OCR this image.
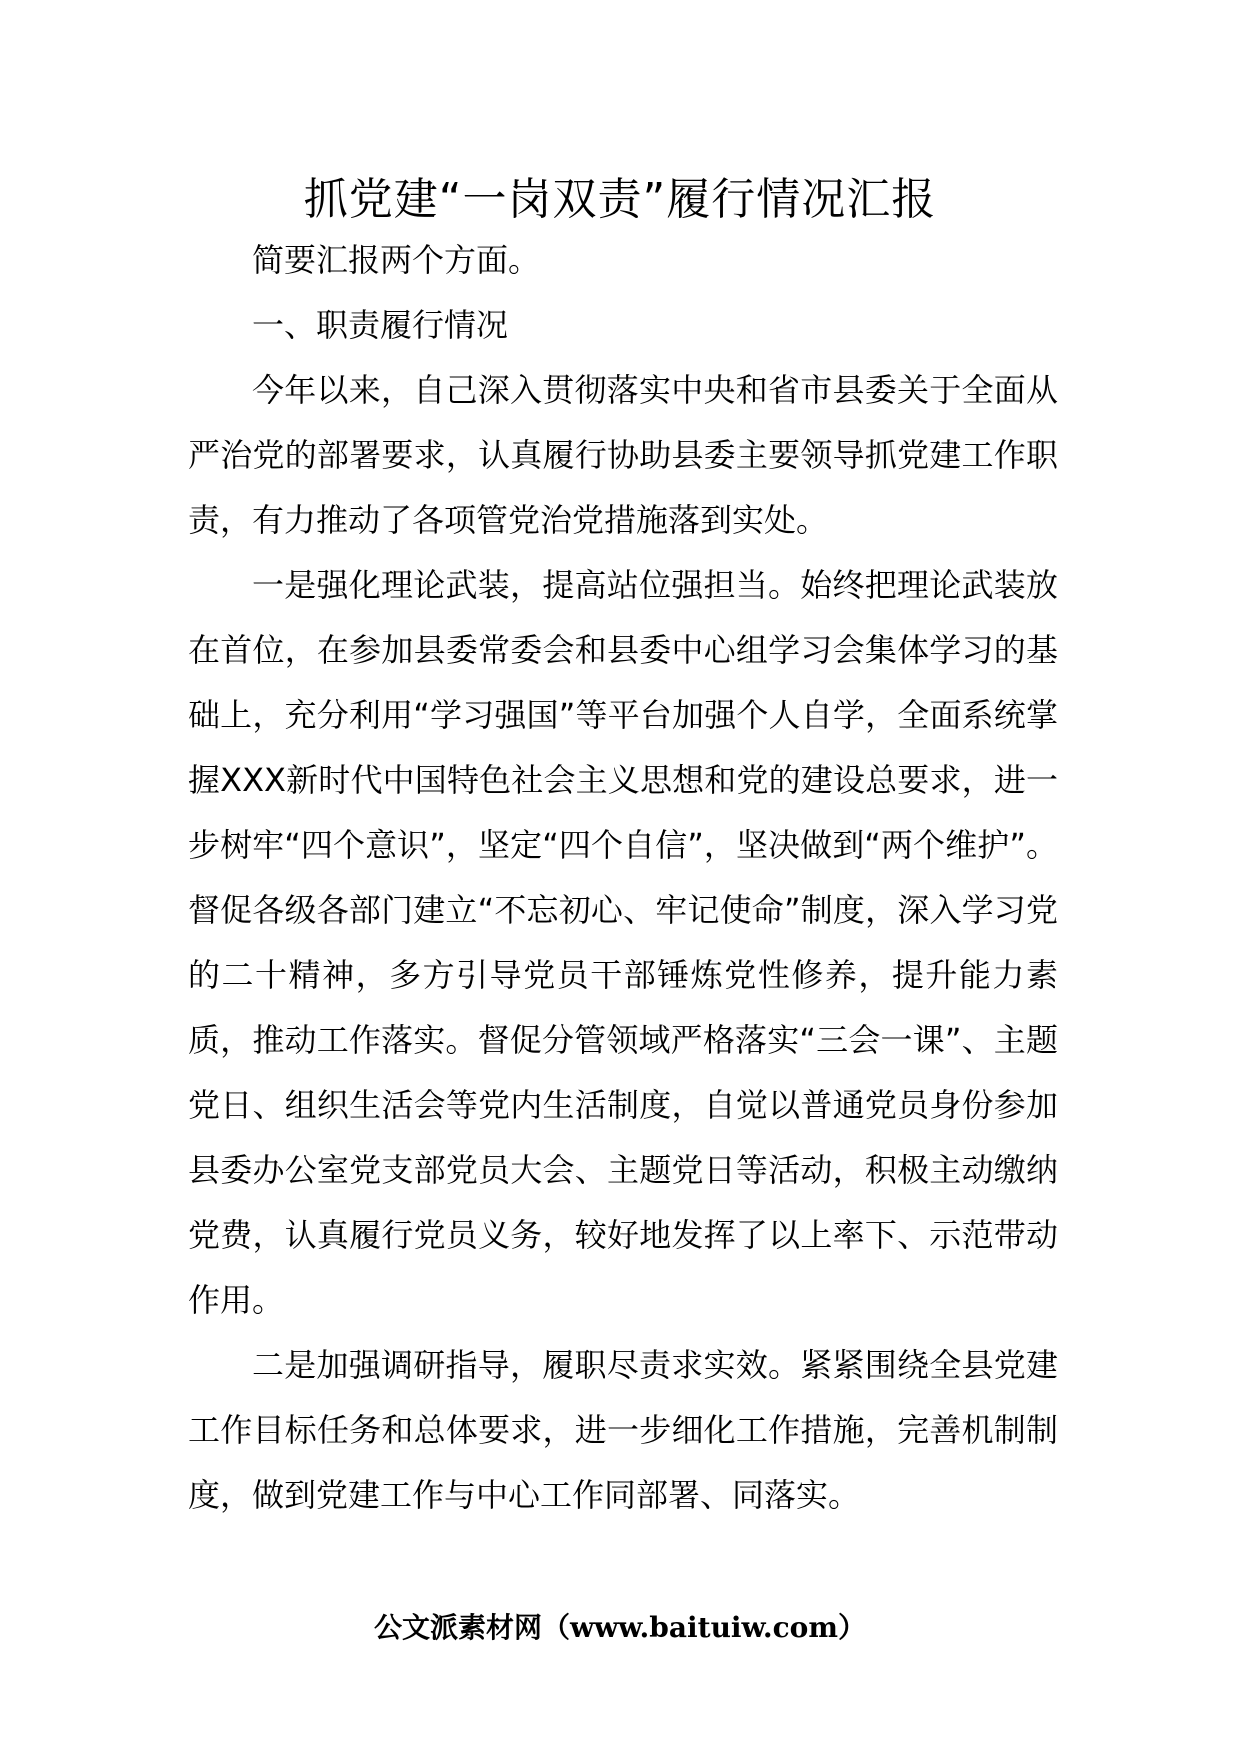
抓党建“一岗双责”履行情况汇报

简要汇报两个方面。

一、职责履行情况

今年以来，自己深入贯彻落实中央和省市县委关于全面从严治党的部署要求，认真履行协助县委主要领导抓党建工作职责，有力推动了各项管党治党措施落到实处。

一是强化理论武装，提高站位强担当。始终把理论武装放在首位，在参加县委常委会和县委中心组学习会集体学习的基础上，充分利用“学习强国”等平台加强个人自学，全面系统掌握XXX新时代中国特色社会主义思想和党的建设总要求，进一步树牢“四个意识”，坚定“四个自信”，坚决做到“两个维护”。督促各级各部门建立“不忘初心、牢记使命”制度，深入学习党的二十精神，多方引导党员干部锤炼党性修养，提升能力素质，推动工作落实。督促分管领域严格落实“三会一课”、主题党日、组织生活会等党内生活制度，自觉以普通党员身份参加县委办公室党支部党员大会、主题党日等活动，积极主动缴纳党费，认真履行党员义务，较好地发挥了以上率下、示范带动作用。

二是加强调研指导，履职尽责求实效。紧紧围绕全县党建工作目标任务和总体要求，进一步细化工作措施，完善机制制度，做到党建工作与中心工作同部署、同落实。

公文派素材网（www.baituiw.com）
